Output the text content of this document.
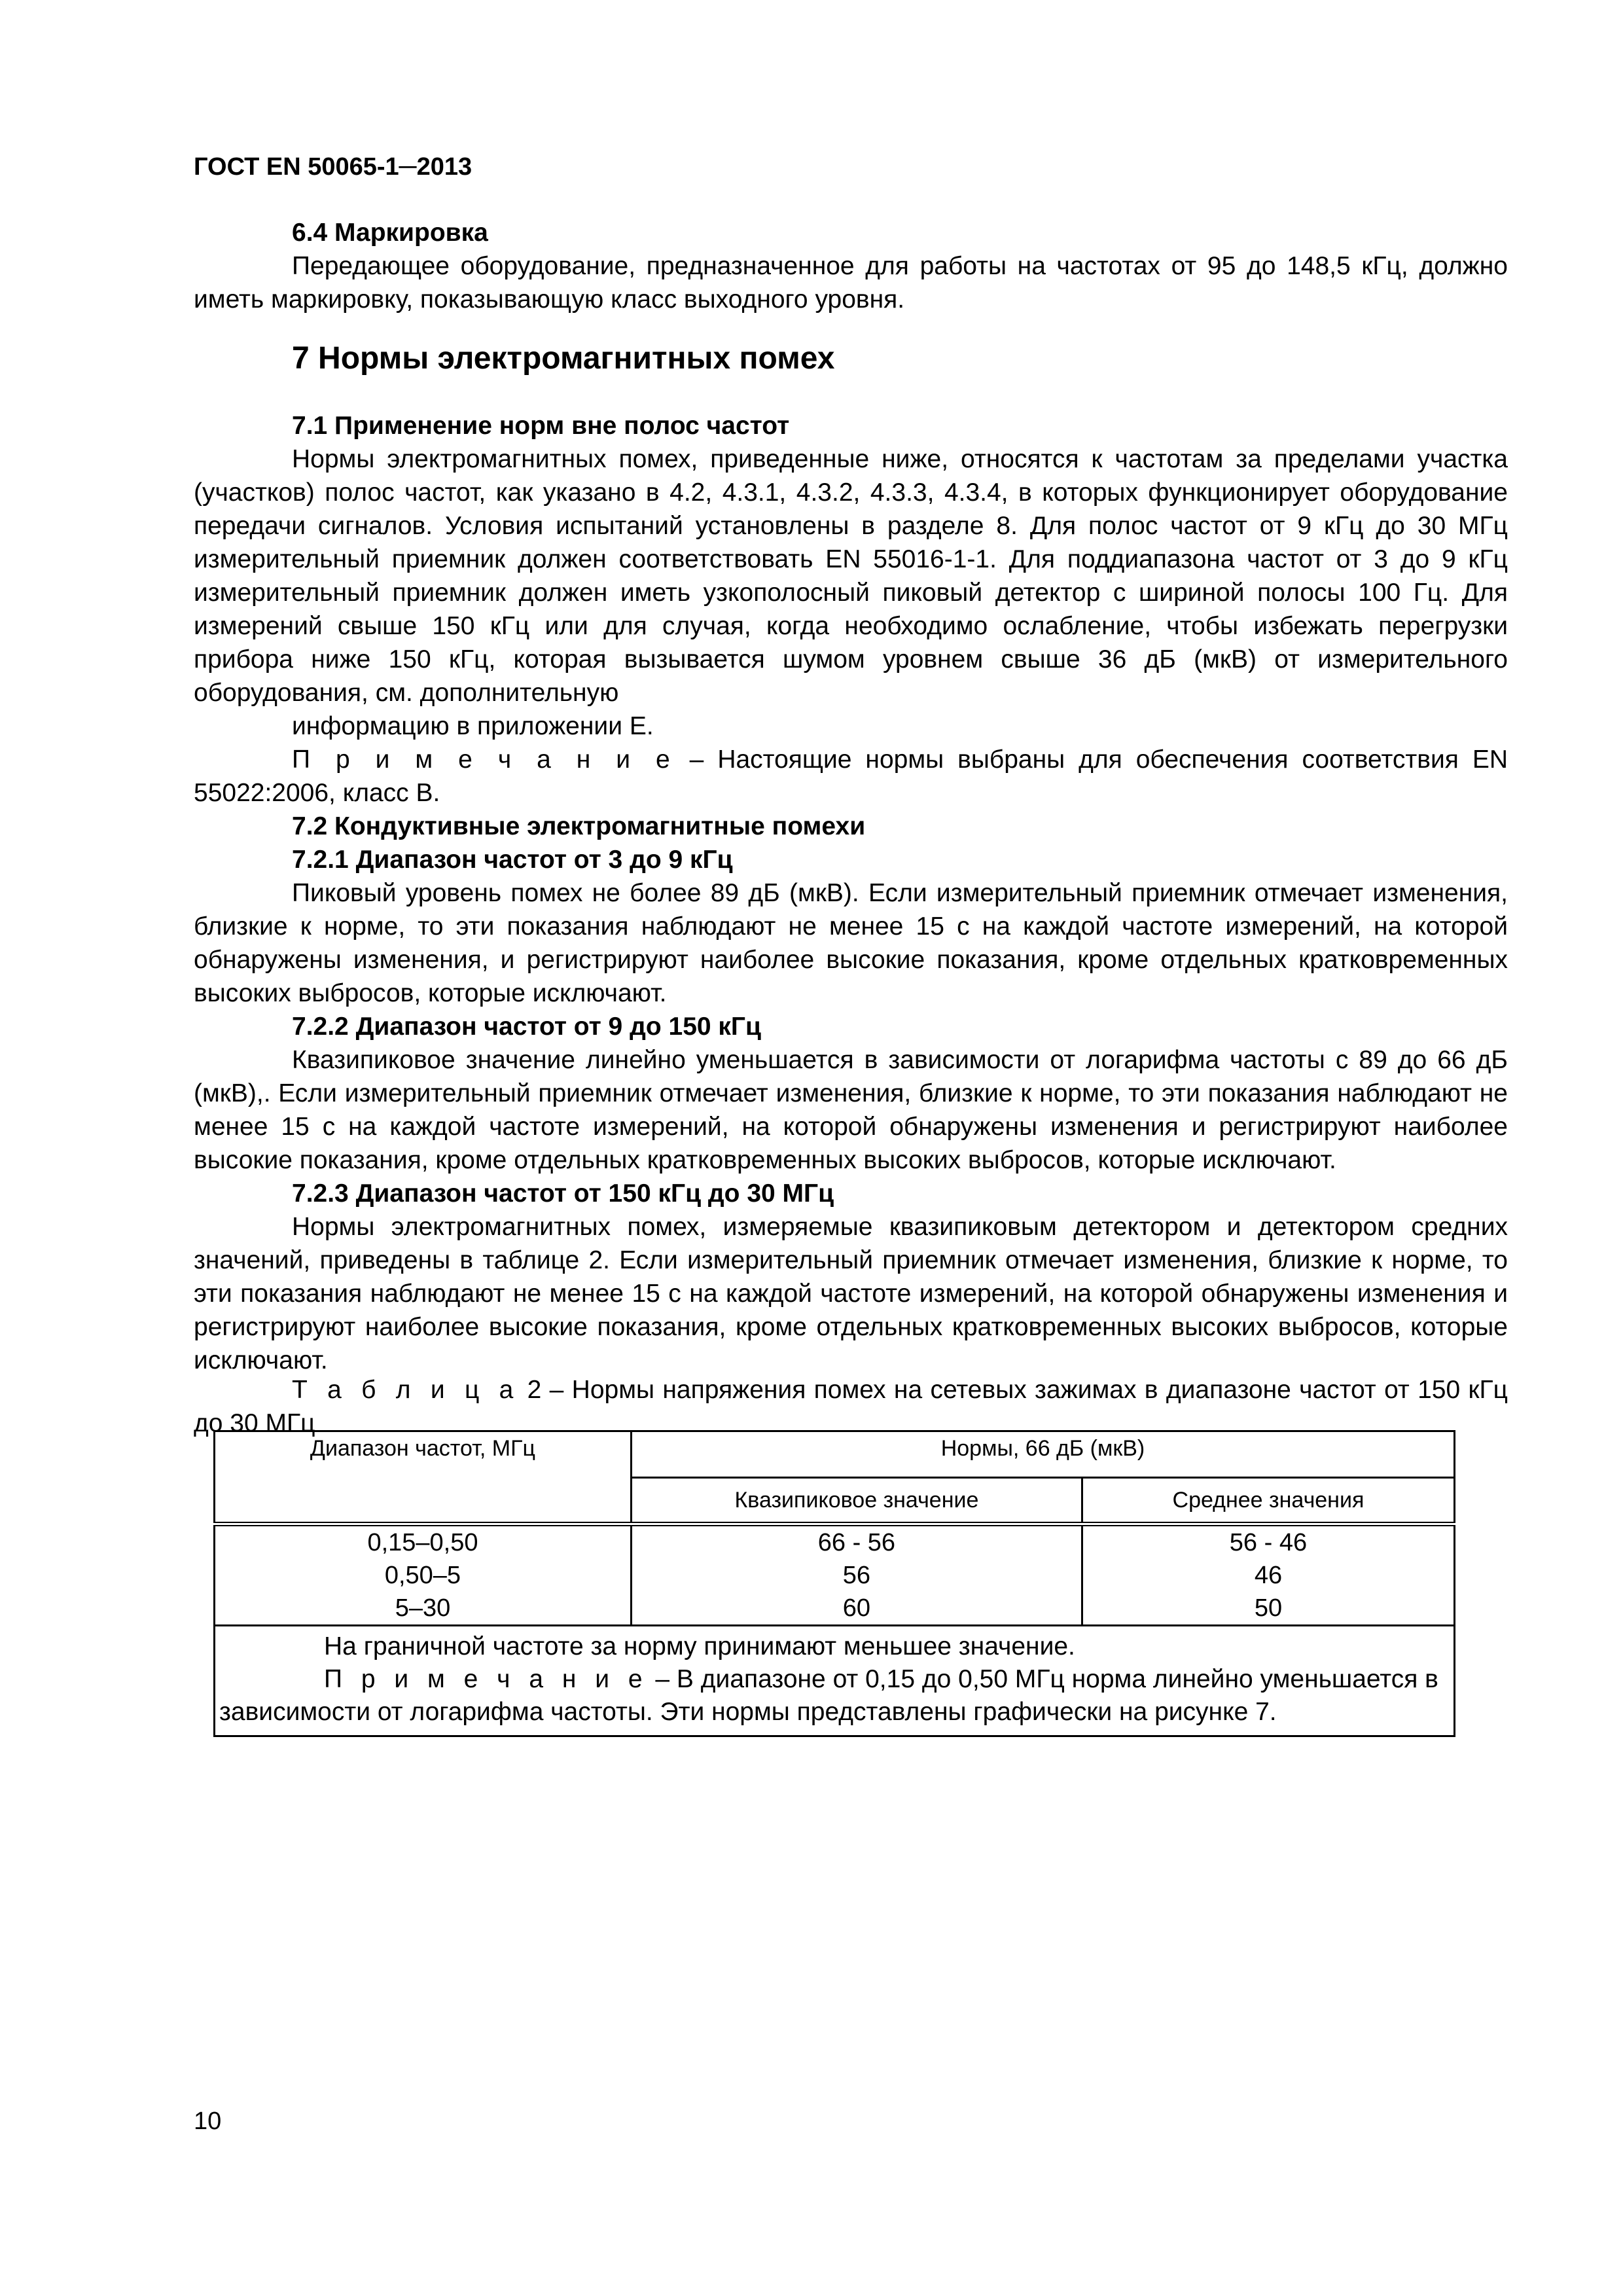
ГОСТ EN 50065-1─2013
6.4 Маркировка
Передающее оборудование, предназначенное для работы на частотах от 95 до 148,5 кГц, должно иметь маркировку, показывающую класс выходного уровня.
7 Нормы электромагнитных помех
7.1 Применение норм вне полос частот
Нормы электромагнитных помех, приведенные ниже, относятся к частотам за пределами участка (участков) полос частот, как указано в 4.2, 4.3.1, 4.3.2, 4.3.3, 4.3.4, в которых функционирует оборудование передачи сигналов. Условия испытаний установлены в разделе 8. Для полос частот от 9 кГц до 30 МГц измерительный приемник должен соответствовать EN 55016-1-1. Для поддиапазона частот от 3 до 9 кГц измерительный приемник должен иметь узкополосный пиковый детектор с шириной полосы 100 Гц. Для измерений свыше 150 кГц или для случая, когда необходимо ослабление, чтобы избежать перегрузки прибора ниже 150 кГц, которая вызывается шумом уровнем свыше 36 дБ (мкВ) от измерительного оборудования, см. дополнительную
информацию в приложении Е.
П р и м е ч а н и е – Настоящие нормы выбраны для обеспечения соответствия EN 55022:2006, класс В.
7.2 Кондуктивные электромагнитные помехи
7.2.1 Диапазон частот от 3 до 9 кГц
Пиковый уровень помех не более 89 дБ (мкВ). Если измерительный приемник отмечает изменения, близкие к норме, то эти показания наблюдают не менее 15 с на каждой частоте измерений, на которой обнаружены изменения, и регистрируют наиболее высокие показания, кроме отдельных кратковременных высоких выбросов, которые исключают.
7.2.2 Диапазон частот от 9 до 150 кГц
Квазипиковое значение линейно уменьшается в зависимости от логарифма частоты с 89 до 66 дБ (мкВ),. Если измерительный приемник отмечает изменения, близкие к норме, то эти показания наблюдают не менее 15 с на каждой частоте измерений, на которой обнаружены изменения и регистрируют наиболее высокие показания, кроме отдельных кратковременных высоких выбросов, которые исключают.
7.2.3 Диапазон частот от 150 кГц до 30 МГц
Нормы электромагнитных помех, измеряемые квазипиковым детектором и детектором средних значений, приведены в таблице 2. Если измерительный приемник отмечает изменения, близкие к норме, то эти показания наблюдают не менее 15 с на каждой частоте измерений, на которой обнаружены изменения и регистрируют наиболее высокие показания, кроме отдельных кратковременных высоких выбросов, которые исключают.
Т а б л и ц а 2 – Нормы напряжения помех на сетевых зажимах в диапазоне частот от 150 кГц до 30 МГц
Диапазон частот, МГц	Нормы, 66 дБ (мкВ)	
	Квазипиковое значение	Среднее значения
0,15–0,50	66 - 56	56 - 46
0,50–5	56	46
5–30	60	50

На граничной частоте за норму принимают меньшее значение.
П р и м е ч а н и е – В диапазоне от 0,15 до 0,50 МГц норма линейно уменьшается в зависимости от логарифма частоты. Эти нормы представлены графически на рисунке 7.		
10
